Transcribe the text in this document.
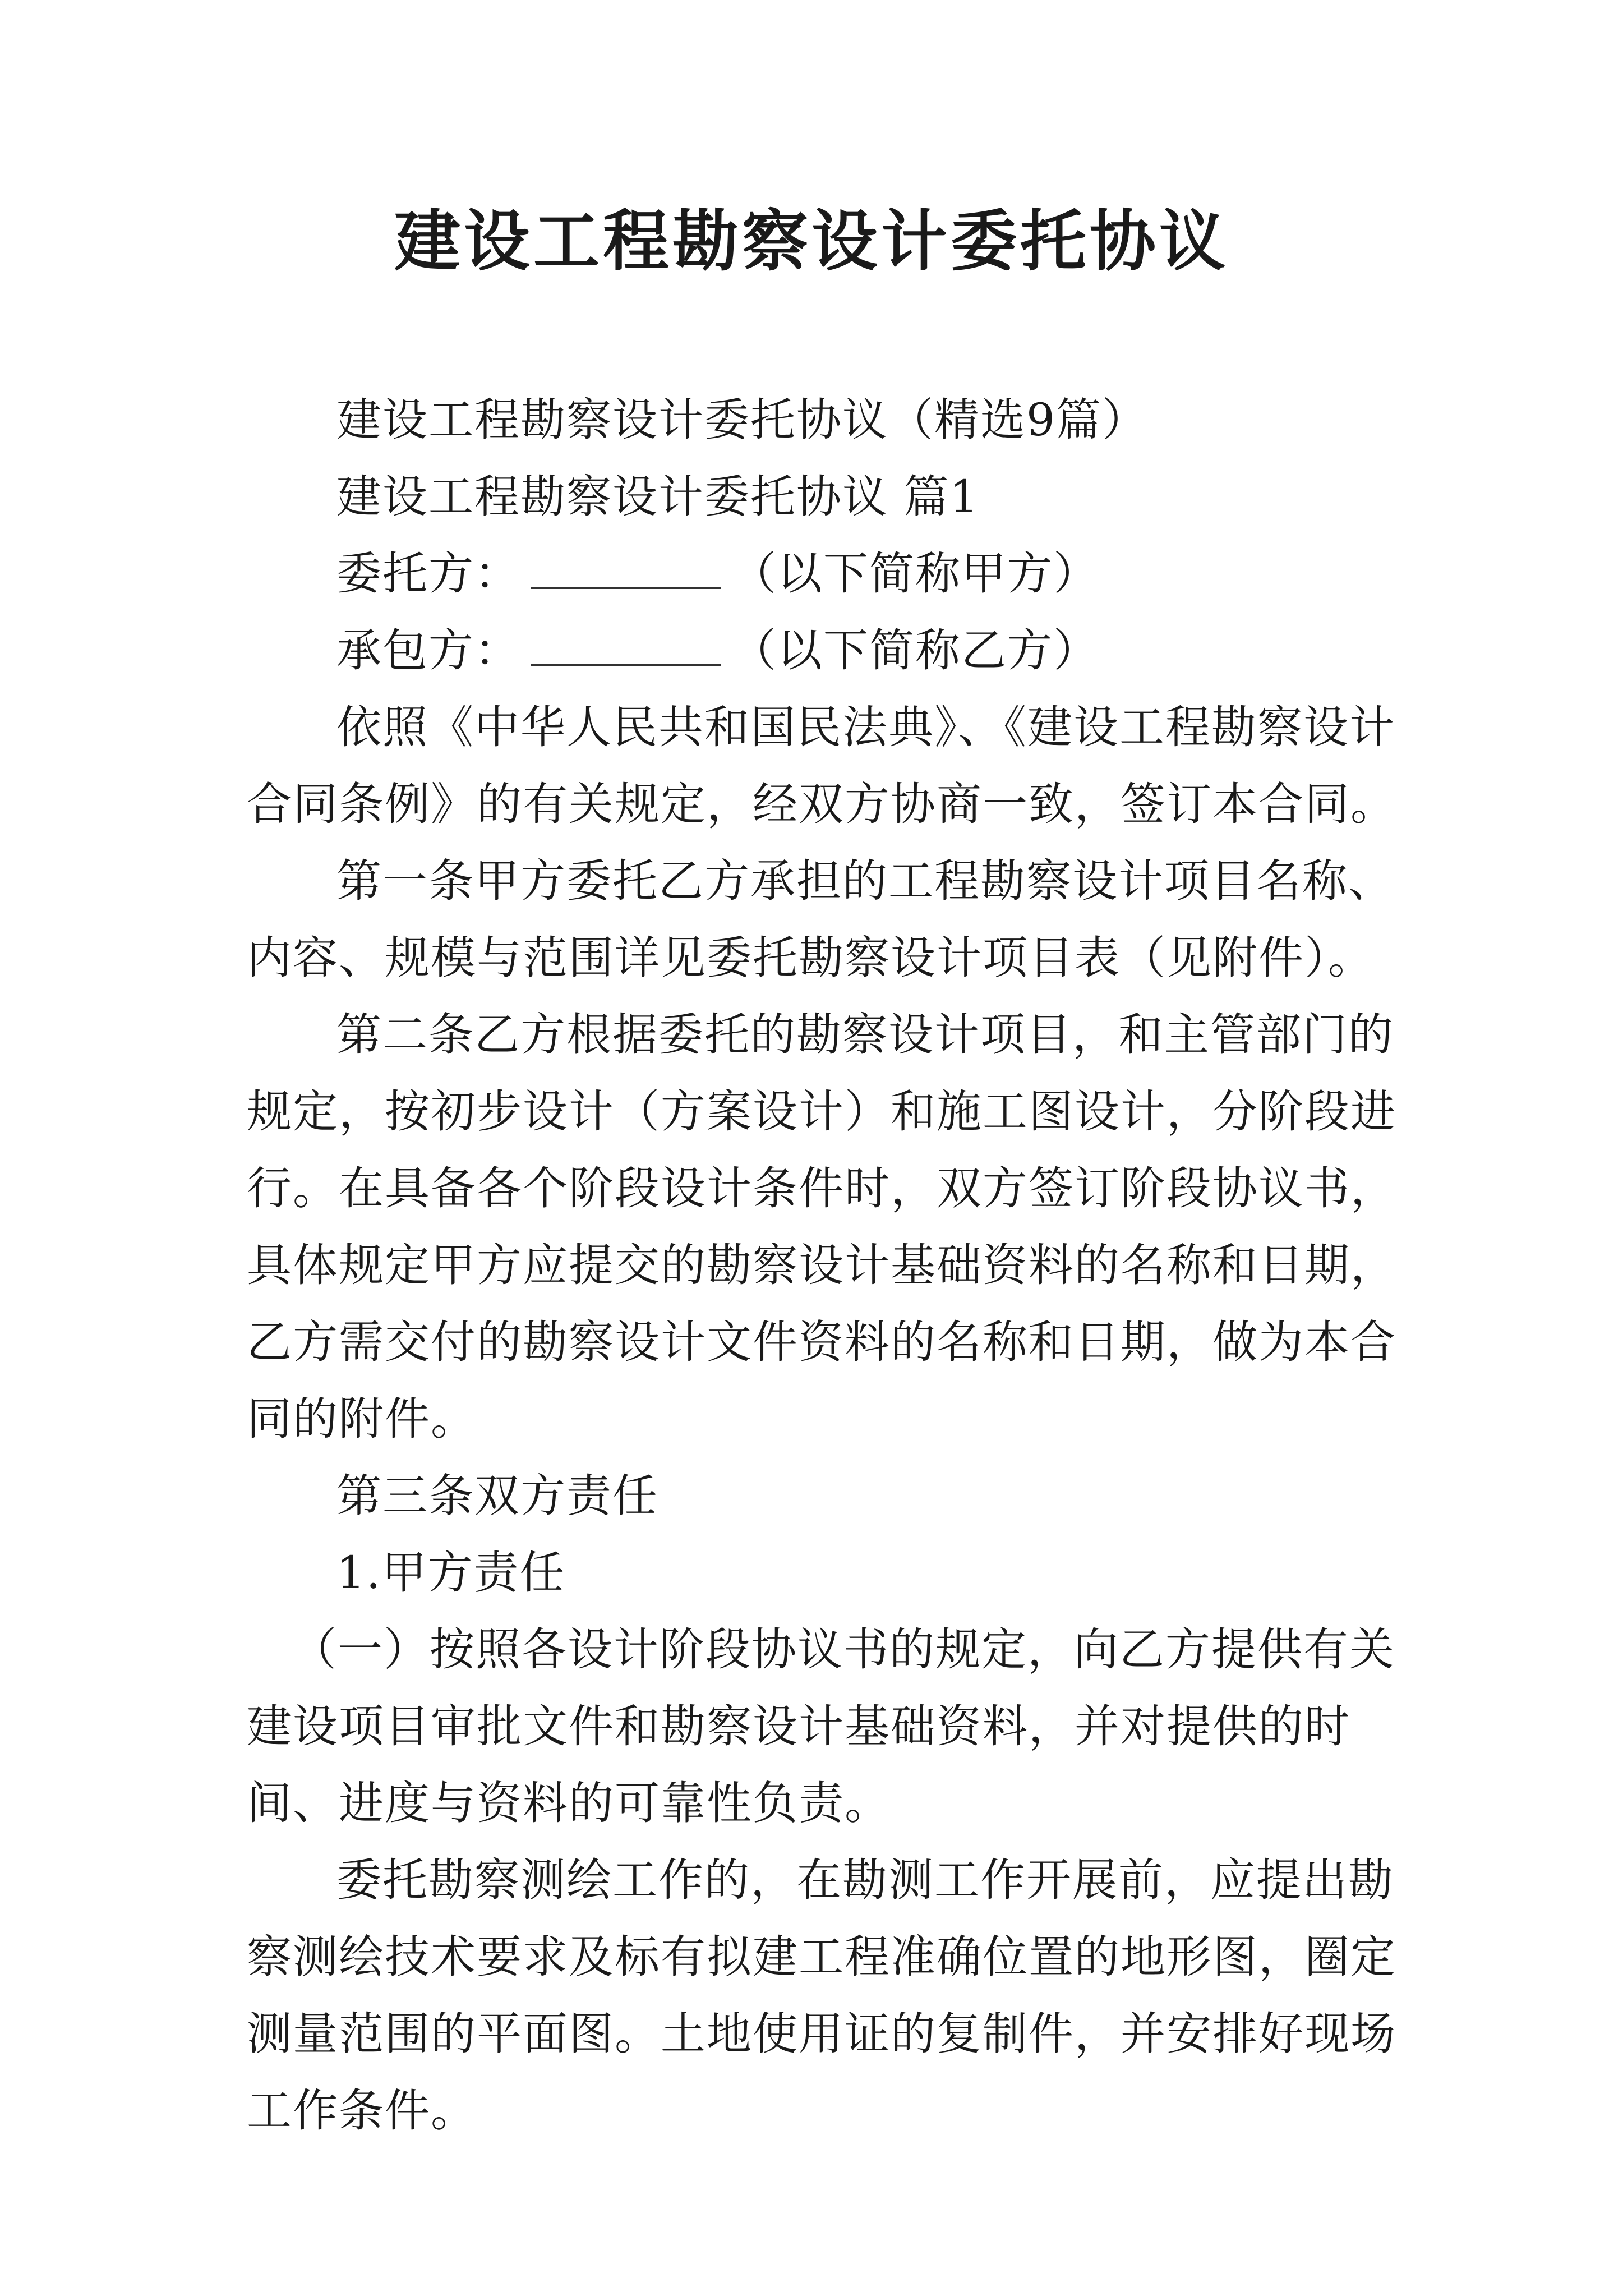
建设工程勘察设计委托协议

建设工程勘察设计委托协议（精选9篇）

建设工程勘察设计委托协议 篇1

委托方：	（以下简称甲方）

承包方：	（以下简称乙方）

依照《中华人民共和国民法典》、《建设工程勘察设计合同条例》的有关规定，经双方协商一致，签订本合同。

第一条甲方委托乙方承担的工程勘察设计项目名称、内容、规模与范围详见委托勘察设计项目表（见附件）。

第二条乙方根据委托的勘察设计项目，和主管部门的规定，按初步设计（方案设计）和施工图设计，分阶段进行。在具备各个阶段设计条件时，双方签订阶段协议书，具体规定甲方应提交的勘察设计基础资料的名称和日期，乙方需交付的勘察设计文件资料的名称和日期，做为本合同的附件。

第三条双方责任

1.甲方责任

（一）按照各设计阶段协议书的规定，向乙方提供有关建设项目审批文件和勘察设计基础资料，并对提供的时间、进度与资料的可靠性负责。

委托勘察测绘工作的，在勘测工作开展前，应提出勘察测绘技术要求及标有拟建工程准确位置的地形图，圈定测量范围的平面图。土地使用证的复制件，并安排好现场工作条件。
